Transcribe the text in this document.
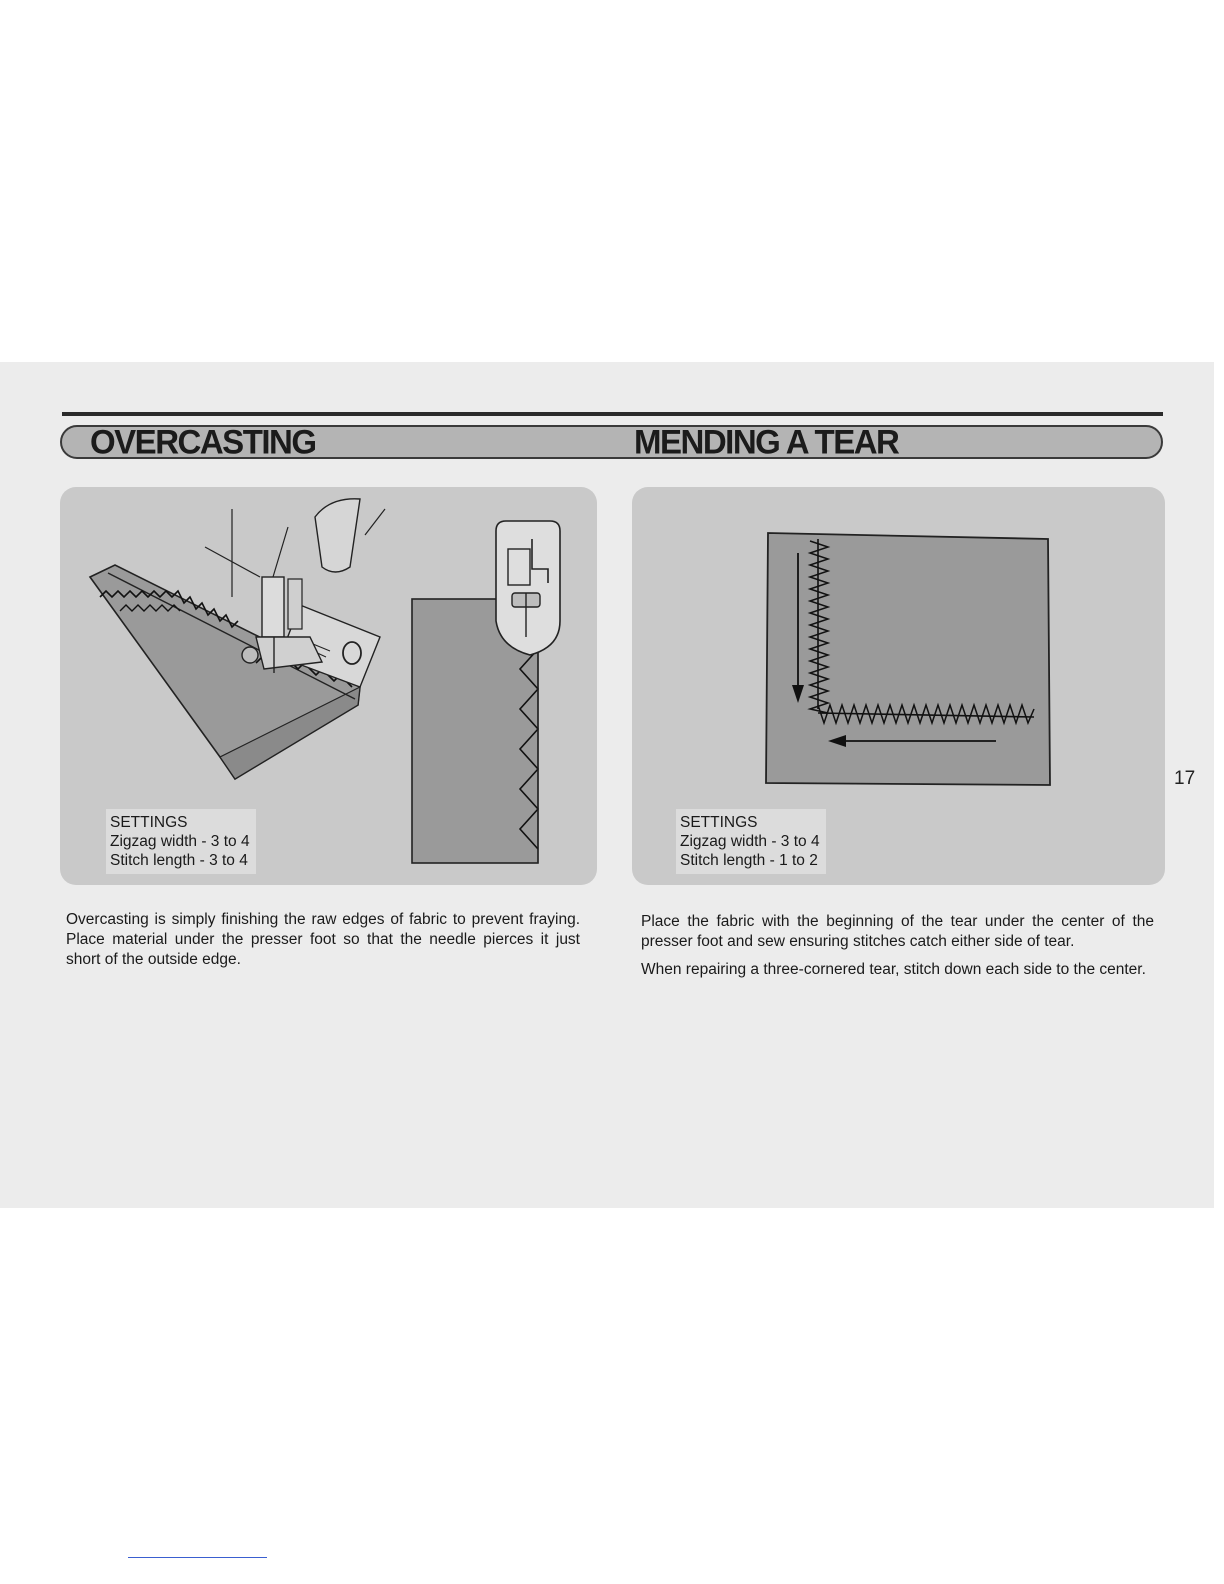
OVERCASTING	MENDING A TEAR
SETTINGS
Zigzag width - 3 to 4
Stitch length - 3 to 4
SETTINGS
Zigzag width - 3 to 4
Stitch length - 1 to 2

Overcasting is simply finishing the raw edges of fabric to prevent fraying. Place material under the presser foot so that the needle pierces it just short of the outside edge.

Place the fabric with the beginning of the tear under the center of the presser foot and sew ensuring stitches catch either side of tear.

When repairing a three-cornered tear, stitch down each side to the center.

17
